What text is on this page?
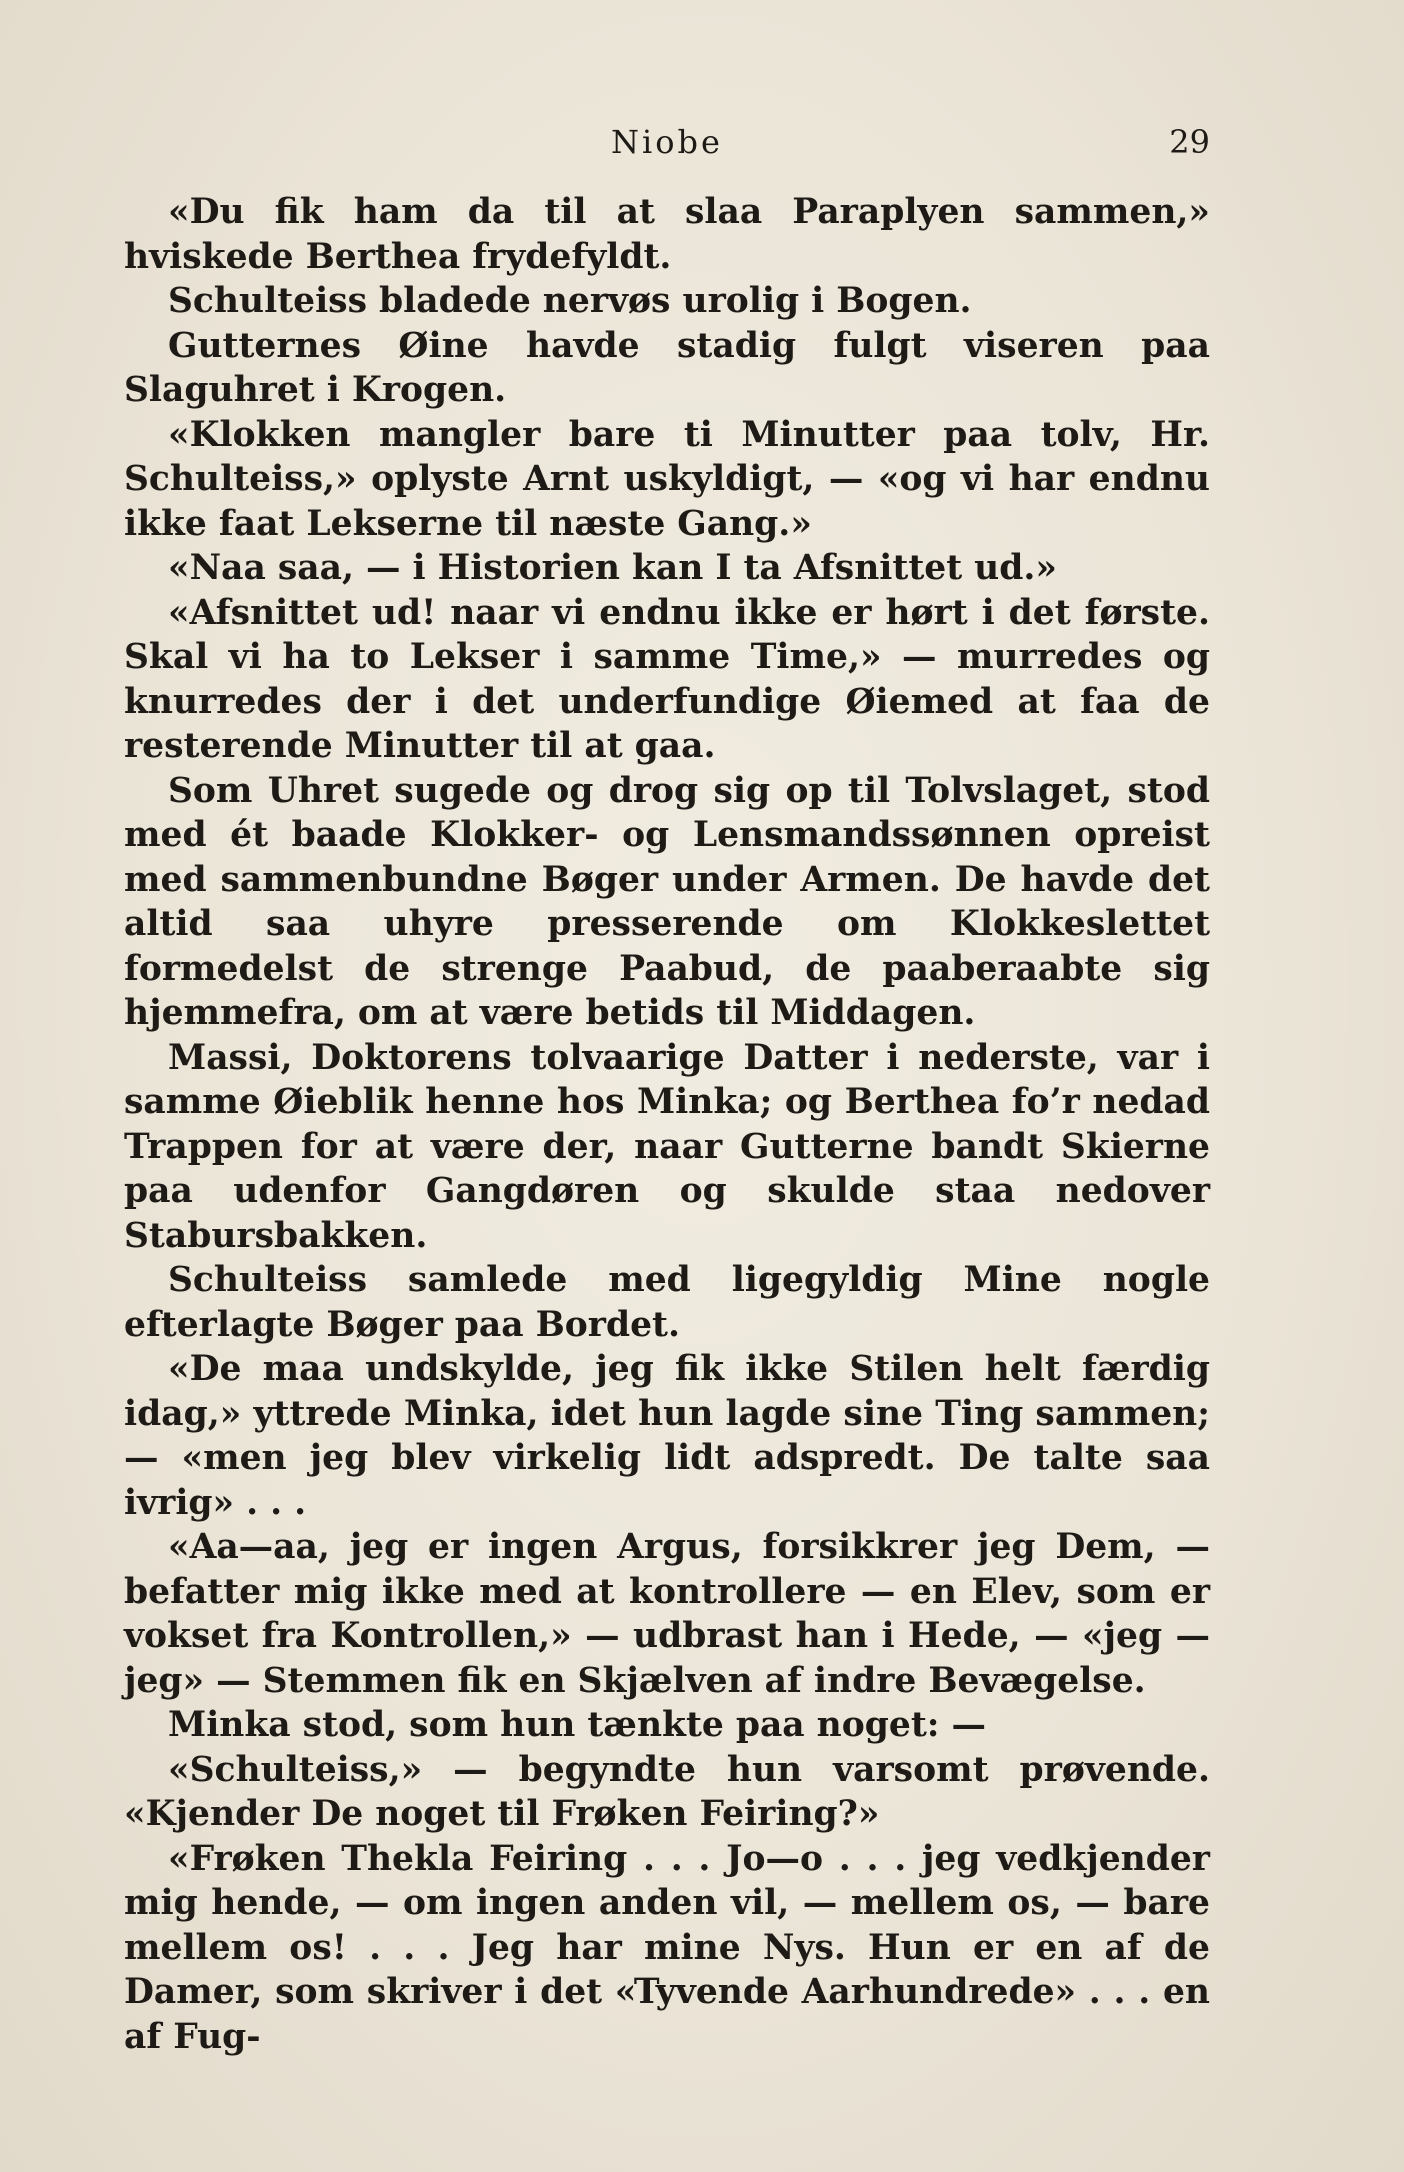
Niobe	29

«Du fik ham da til at slaa Paraplyen sammen,» hviskede Berthea frydefyldt.

Schulteiss bladede nervøs urolig i Bogen.

Gutternes Øine havde stadig fulgt viseren paa Slaguhret i Krogen.

«Klokken mangler bare ti Minutter paa tolv, Hr. Schulteiss,» oplyste Arnt uskyldigt, — «og vi har endnu ikke faat Lekserne til næste Gang.»

«Naa saa, — i Historien kan I ta Afsnittet ud.»

«Afsnittet ud! naar vi endnu ikke er hørt i det første. Skal vi ha to Lekser i samme Time,» — murredes og knurredes der i det underfundige Øiemed at faa de resterende Minutter til at gaa.

Som Uhret sugede og drog sig op til Tolvslaget, stod med ét baade Klokker- og Lensmandssønnen opreist med sammenbundne Bøger under Armen. De havde det altid saa uhyre presserende om Klokkeslettet formedelst de strenge Paabud, de paaberaabte sig hjemmefra, om at være betids til Middagen.

Massi, Doktorens tolvaarige Datter i nederste, var i samme Øieblik henne hos Minka; og Berthea fo’r nedad Trappen for at være der, naar Gutterne bandt Skierne paa udenfor Gangdøren og skulde staa nedover Stabursbakken.

Schulteiss samlede med ligegyldig Mine nogle efterlagte Bøger paa Bordet.

«De maa undskylde, jeg fik ikke Stilen helt færdig idag,» yttrede Minka, idet hun lagde sine Ting sammen; — «men jeg blev virkelig lidt adspredt. De talte saa ivrig» . . .

«Aa—aa, jeg er ingen Argus, forsikkrer jeg Dem, — befatter mig ikke med at kontrollere — en Elev, som er vokset fra Kontrollen,» — udbrast han i Hede, — «jeg — jeg» — Stemmen fik en Skjælven af indre Bevægelse.

Minka stod, som hun tænkte paa noget: —

«Schulteiss,» — begyndte hun varsomt prøvende. «Kjender De noget til Frøken Feiring?»

«Frøken Thekla Feiring . . . Jo—o . . . jeg vedkjender mig hende, — om ingen anden vil, — mellem os, — bare mellem os! . . . Jeg har mine Nys. Hun er en af de Damer, som skriver i det «Tyvende Aarhundrede» . . . en af Fug-
